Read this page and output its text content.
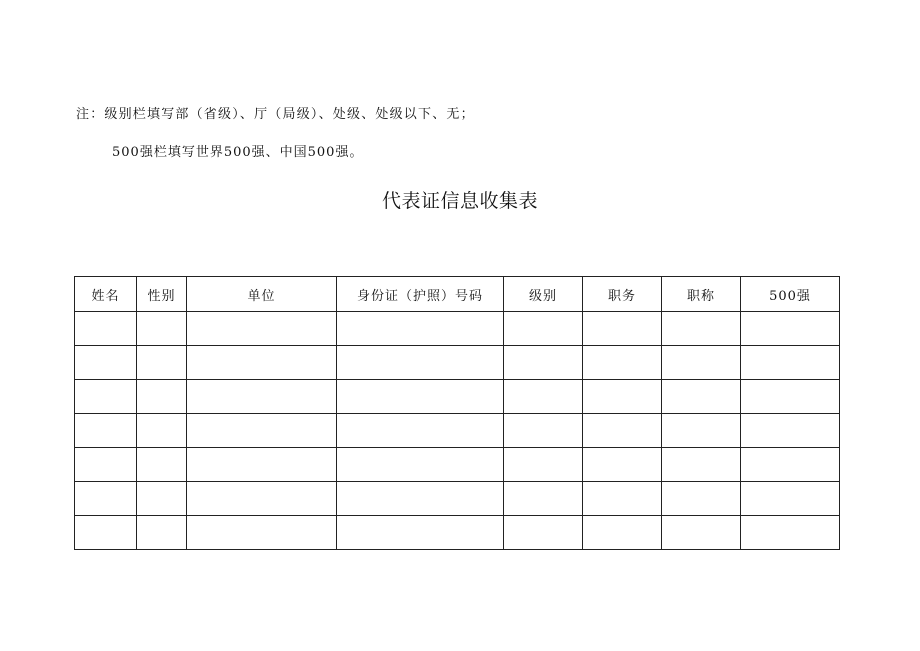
注：级别栏填写部（省级）、厅（局级）、处级、处级以下、无；
500强栏填写世界500强、中国500强。
代表证信息收集表
姓名	性别	单位	身份证（护照）号码	级别	职务	职称	500强
